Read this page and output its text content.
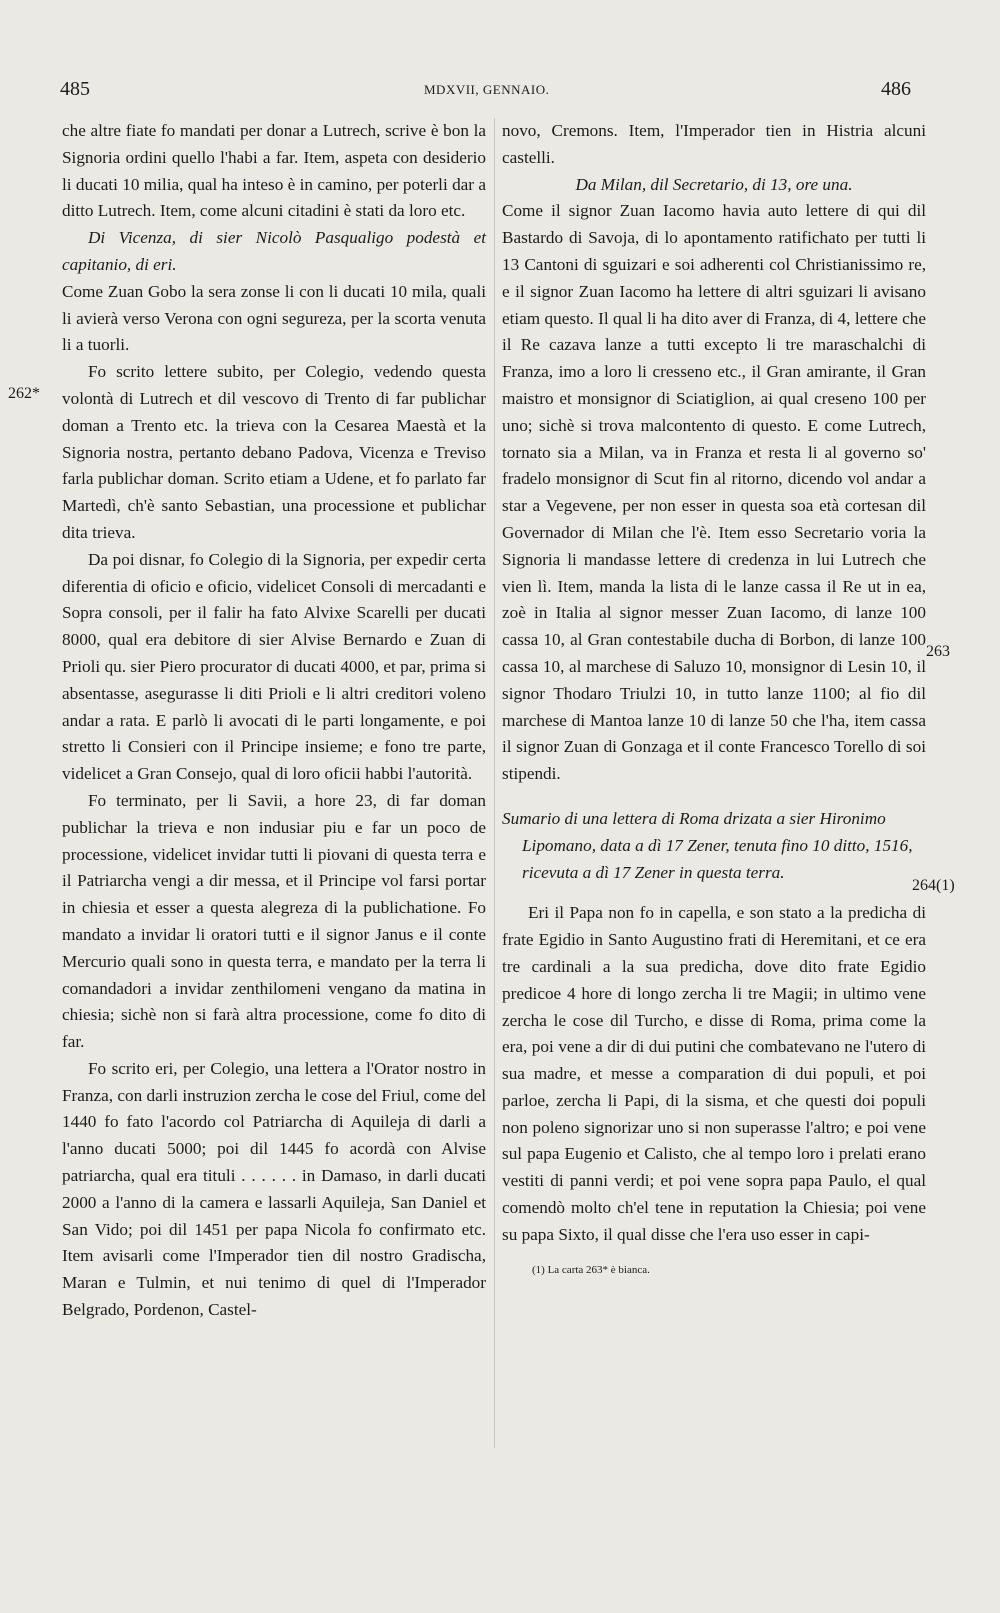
485	MDXVII, GENNAIO.	486
262*
263
264(1)

che altre fiate fo mandati per donar a Lutrech, scrive è bon la Signoria ordini quello l'habi a far. Item, aspeta con desiderio li ducati 10 milia, qual ha inteso è in camino, per poterli dar a ditto Lutrech. Item, come alcuni citadini è stati da loro etc.

Di Vicenza, di sier Nicolò Pasqualigo podestà et capitanio, di eri.

Come Zuan Gobo la sera zonse li con li ducati 10 mila, quali li avierà verso Verona con ogni segureza, per la scorta venuta li a tuorli.

Fo scrito lettere subito, per Colegio, vedendo questa volontà di Lutrech et dil vescovo di Trento di far publichar doman a Trento etc. la trieva con la Cesarea Maestà et la Signoria nostra, pertanto debano Padova, Vicenza e Treviso farla publichar doman. Scrito etiam a Udene, et fo parlato far Martedì, ch'è santo Sebastian, una processione et publichar dita trieva.

Da poi disnar, fo Colegio di la Signoria, per expedir certa diferentia di oficio e oficio, videlicet Consoli di mercadanti e Sopra consoli, per il falir ha fato Alvixe Scarelli per ducati 8000, qual era debitore di sier Alvise Bernardo e Zuan di Prioli qu. sier Piero procurator di ducati 4000, et par, prima si absentasse, asegurasse li diti Prioli e li altri creditori voleno andar a rata. E parlò li avocati di le parti longamente, e poi stretto li Consieri con il Principe insieme; e fono tre parte, videlicet a Gran Consejo, qual di loro oficii habbi l'autorità.

Fo terminato, per li Savii, a hore 23, di far doman publichar la trieva e non indusiar piu e far un poco de processione, videlicet invidar tutti li piovani di questa terra e il Patriarcha vengi a dir messa, et il Principe vol farsi portar in chiesia et esser a questa alegreza di la publichatione. Fo mandato a invidar li oratori tutti e il signor Janus e il conte Mercurio quali sono in questa terra, e mandato per la terra li comandadori a invidar zenthilomeni vengano da matina in chiesia; sichè non si farà altra processione, come fo dito di far.

Fo scrito eri, per Colegio, una lettera a l'Orator nostro in Franza, con darli instruzion zercha le cose del Friul, come del 1440 fo fato l'acordo col Patriarcha di Aquileja di darli a l'anno ducati 5000; poi dil 1445 fo acordà con Alvise patriarcha, qual era tituli . . . . . . in Damaso, in darli ducati 2000 a l'anno di la camera e lassarli Aquileja, San Daniel et San Vido; poi dil 1451 per papa Nicola fo confirmato etc. Item avisarli come l'Imperador tien dil nostro Gradischa, Maran e Tulmin, et nui tenimo di quel di l'Imperador Belgrado, Pordenon, Castel-

novo, Cremons. Item, l'Imperador tien in Histria alcuni castelli.

Da Milan, dil Secretario, di 13, ore una.

Come il signor Zuan Iacomo havia auto lettere di qui dil Bastardo di Savoja, di lo apontamento ratifichato per tutti li 13 Cantoni di sguizari e soi adherenti col Christianissimo re, e il signor Zuan Iacomo ha lettere di altri sguizari li avisano etiam questo. Il qual li ha dito aver di Franza, di 4, lettere che il Re cazava lanze a tutti excepto li tre maraschalchi di Franza, imo a loro li cresseno etc., il Gran amirante, il Gran maistro et monsignor di Sciatiglion, ai qual creseno 100 per uno; sichè si trova malcontento di questo. E come Lutrech, tornato sia a Milan, va in Franza et resta li al governo so' fradelo monsignor di Scut fin al ritorno, dicendo vol andar a star a Vegevene, per non esser in questa soa età cortesan dil Governador di Milan che l'è. Item esso Secretario voria la Signoria li mandasse lettere di credenza in lui Lutrech che vien lì. Item, manda la lista di le lanze cassa il Re ut in ea, zoè in Italia al signor messer Zuan Iacomo, di lanze 100 cassa 10, al Gran contestabile ducha di Borbon, di lanze 100 cassa 10, al marchese di Saluzo 10, monsignor di Lesin 10, il signor Thodaro Triulzi 10, in tutto lanze 1100; al fio dil marchese di Mantoa lanze 10 di lanze 50 che l'ha, item cassa il signor Zuan di Gonzaga et il conte Francesco Torello di soi stipendi.

Sumario di una lettera di Roma drizata a sier Hironimo Lipomano, data a dì 17 Zener, tenuta fino 10 ditto, 1516, ricevuta a dì 17 Zener in questa terra.

Eri il Papa non fo in capella, e son stato a la predicha di frate Egidio in Santo Augustino frati di Heremitani, et ce era tre cardinali a la sua predicha, dove dito frate Egidio predicoe 4 hore di longo zercha li tre Magii; in ultimo vene zercha le cose dil Turcho, e disse di Roma, prima come la era, poi vene a dir di dui putini che combatevano ne l'utero di sua madre, et messe a comparation di dui populi, et poi parloe, zercha li Papi, di la sisma, et che questi doi populi non poleno signorizar uno si non superasse l'altro; e poi vene sul papa Eugenio et Calisto, che al tempo loro i prelati erano vestiti di panni verdi; et poi vene sopra papa Paulo, el qual comendò molto ch'el tene in reputation la Chiesia; poi vene su papa Sixto, il qual disse che l'era uso esser in capi-

(1) La carta 263* è bianca.
